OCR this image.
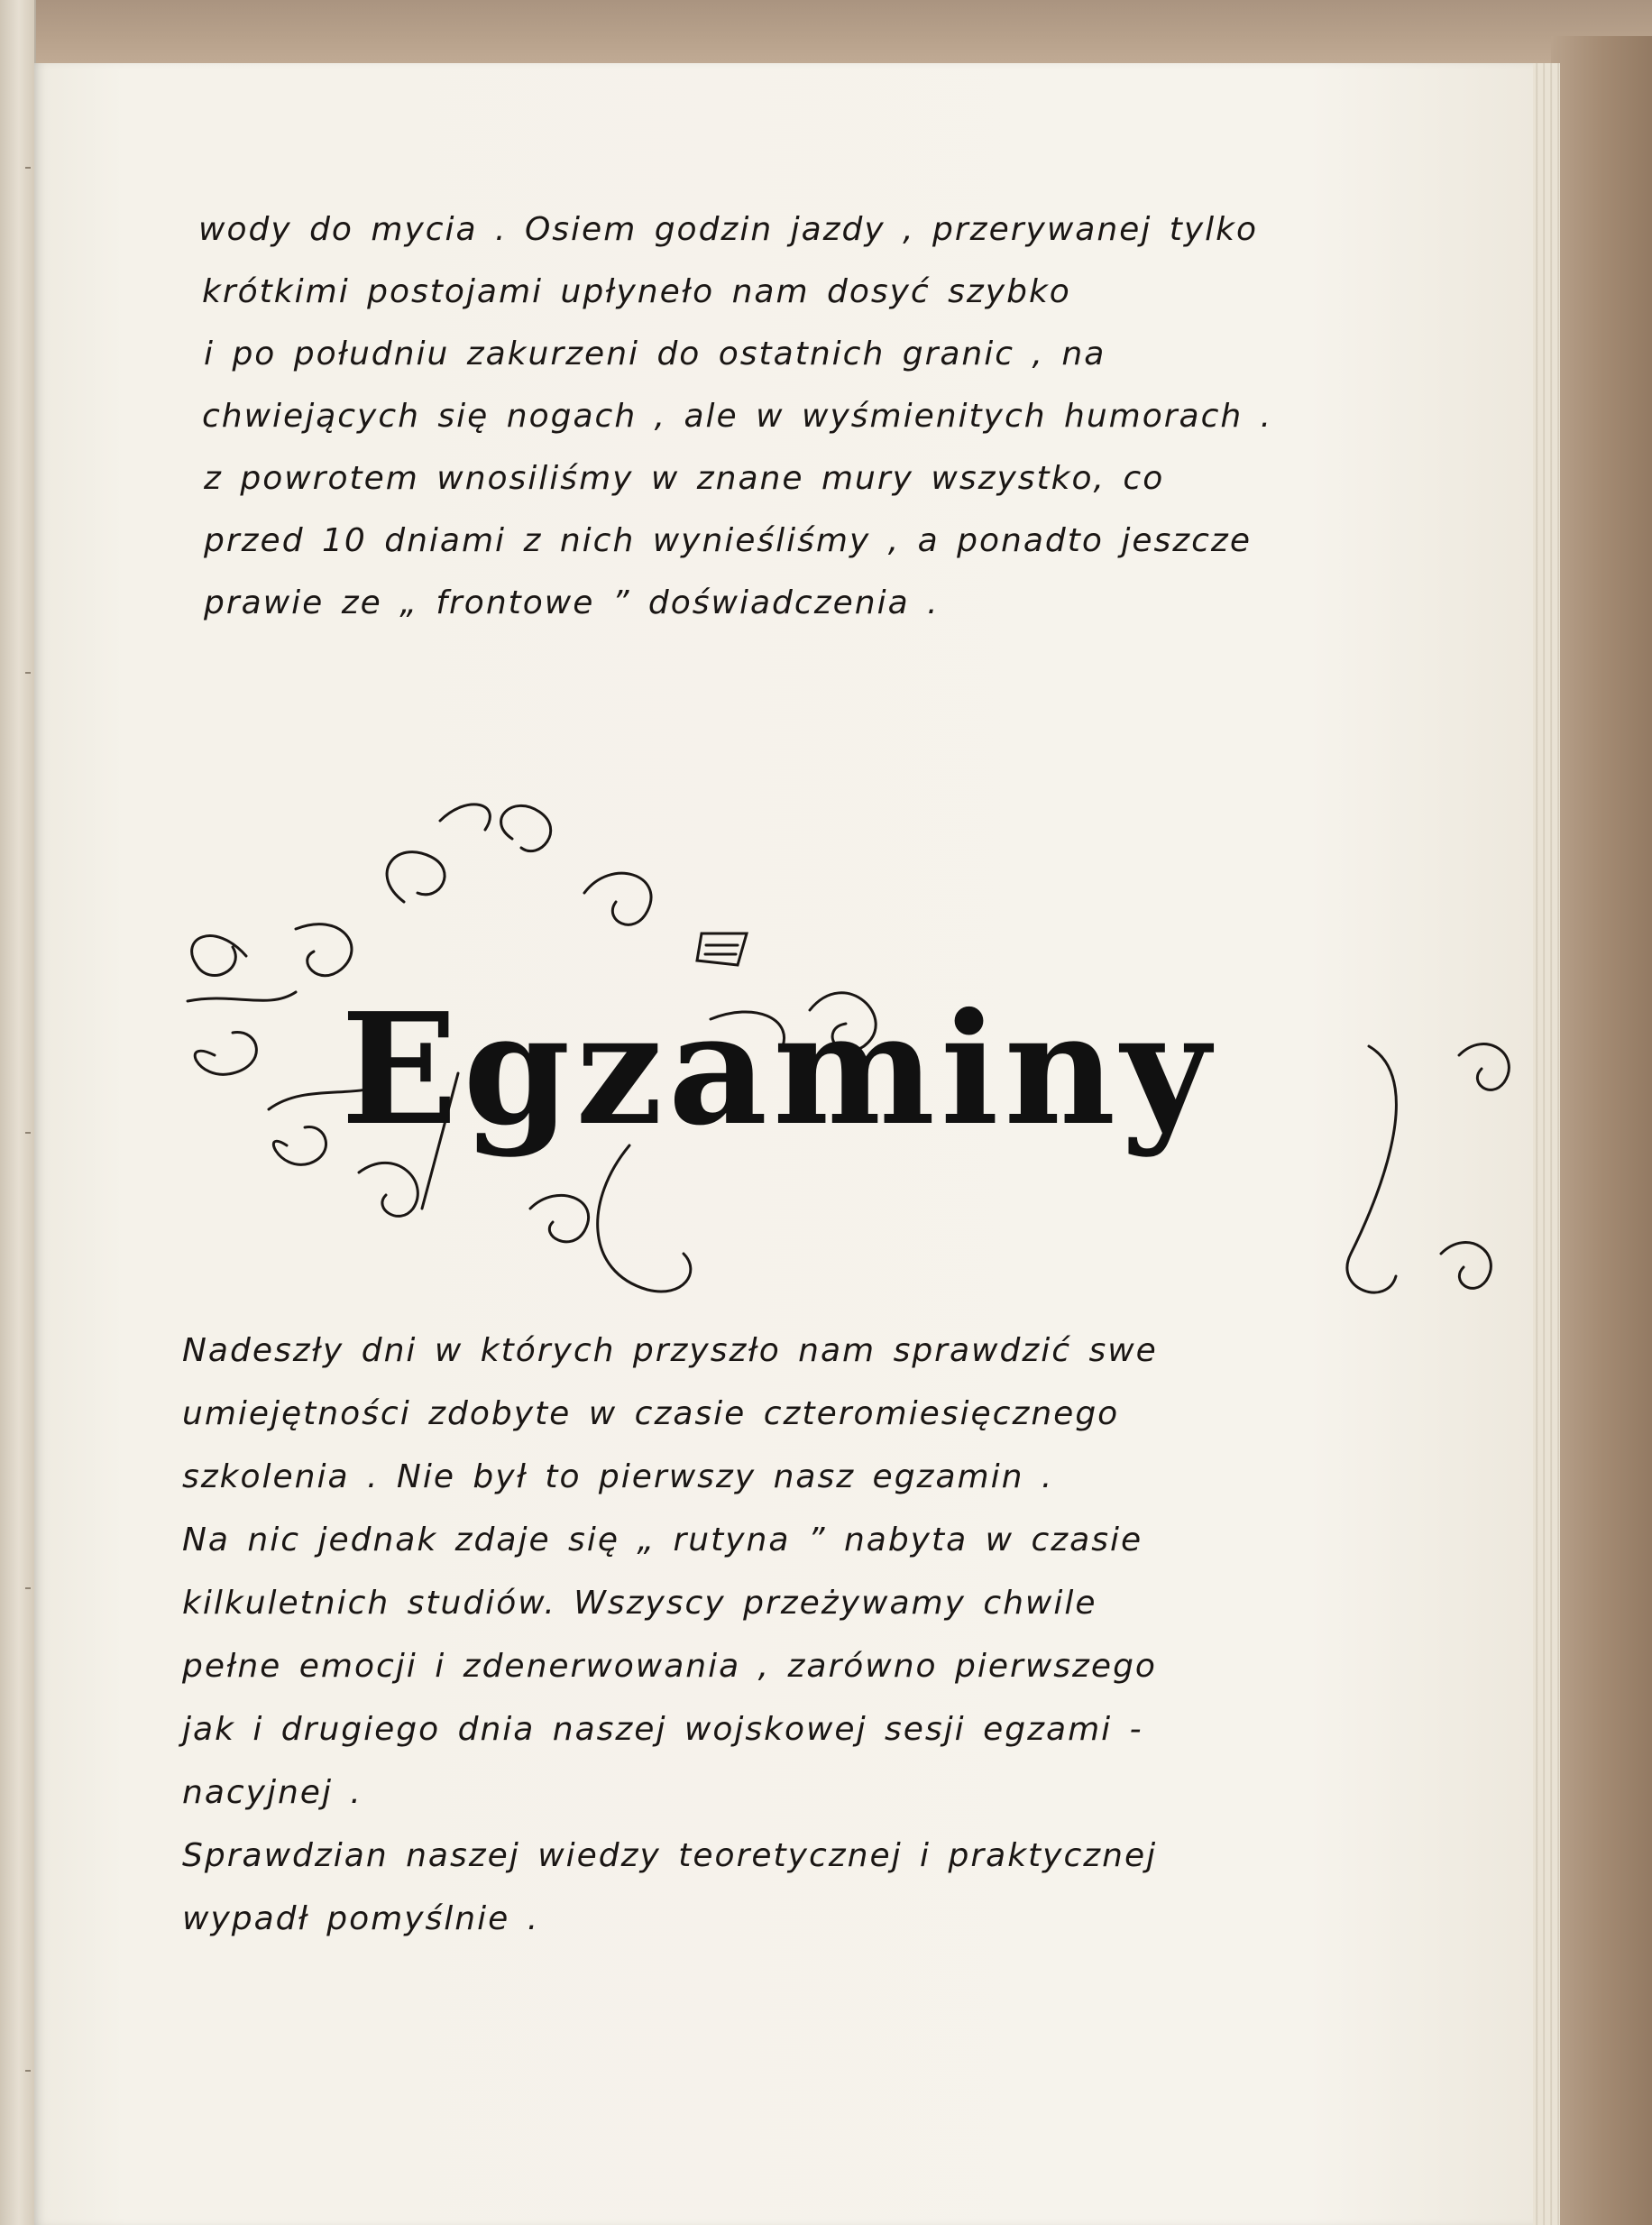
wody do mycia . Osiem godzin jazdy , przerywanej tylko
krótkimi postojami upłyneło nam dosyć szybko
i po południu zakurzeni do ostatnich granic , na
chwiejących się nogach , ale w wyśmienitych humorach .
z powrotem wnosiliśmy w znane mury wszystko, co
przed 10 dniami z nich wynieśliśmy , a ponadto jeszcze
prawie ze „ frontowe ” doświadczenia .
Egzaminy
Nadeszły dni w których przyszło nam sprawdzić swe
umiejętności zdobyte w czasie czteromiesięcznego
szkolenia . Nie był to pierwszy nasz egzamin .
Na nic jednak zdaje się „ rutyna ” nabyta w czasie
kilkuletnich studiów. Wszyscy przeżywamy chwile
pełne emocji i zdenerwowania , zarówno pierwszego
jak i drugiego dnia naszej wojskowej sesji egzami -
nacyjnej .
Sprawdzian naszej wiedzy teoretycznej i praktycznej
wypadł pomyślnie .
